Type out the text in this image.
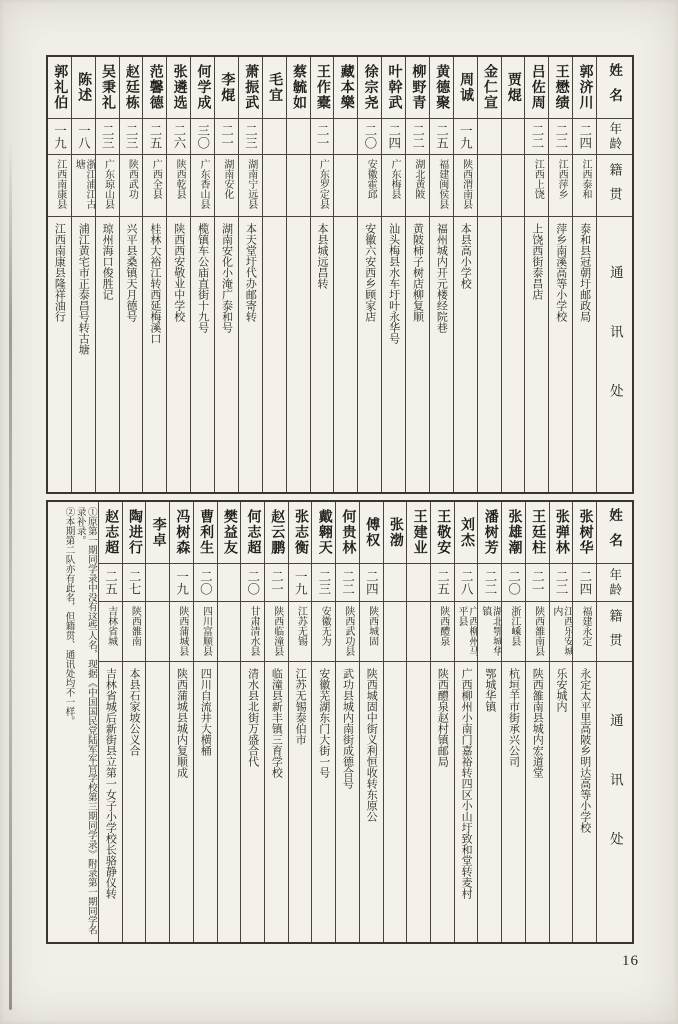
姓名
年龄
籍贯
通讯处
郭济川
二四
江西泰和
泰和县冠朝圩邮政局
王懋绩
二二
江西萍乡
萍乡南溪高等小学校
吕佐周
二二
江西上饶
上饶西街泰昌店
贾焜
金仁宣
周诚
一九
陕西渭南县
本县高小学校
黄德聚
二五
福建闽侯县
福州城内开元楼经院巷
柳野青
二二
湖北黄陂
黄陂柿子树店柳复顺
叶幹武
二四
广东梅县
汕头梅县水车圩叶永华号
徐宗尧
二〇
安徽霍邱
安徽六安西乡顾家店
藏本樂
王作橐
二一
广东罗定县
本县城远昌转
蔡毓如
毛宜
萧振武
二三
湖南宁远县
本天堂圩代办邮寄转
李焜
二一
湖南安化
湖南安化小淹广泰和号
何学成
三〇
广东香山县
榄镇车公庙直街十九号
张遴选
二六
陕西乾县
陕西西安敬业中学校
范馨德
二五
广西全县
桂林大裕江转西延梅溪口
赵廷栋
二三
陕西武功
兴平县桑镇天月德号
吴秉礼
二三
广东琼山县
琼州海口俊胜记
陈述
一八
浙江浦江古塘
浦江黄宅市正泰昌号转古塘
郭礼伯
一九
江西南康县
江西南康县隆祥油行
姓名
年龄
籍贯
通讯处
张树华
二四
福建永定
永定太平里高陂乡明达高等小学校
张弹林
二二
江西乐安城内
乐安城内
王廷柱
二一
陕西雒南县
陕西雒南县城内宏道堂
张雄潮
二〇
浙江嵊县
杭垣羊市街承兴公司
潘树芳
二二
湖北鄂城华镇
鄂城华镇
刘杰
二八
广西柳州马平县
广西柳州小南门嘉裕转四区小山圩致和堂转麦村
王敬安
二五
陕西醴泉
陕西醴泉赵村镇邮局
王建业
张渤
傅权
二四
陕西城固
陕西城固中街义利恒收转东原公
何贵林
二二
陕西武功县
武功县城内南街成德合号
戴翱天
二三
安徽无为
安徽芜湖东门大街一号
张志衡
一九
江苏无锡
江苏无锡泰伯市
赵云鹏
二一
陕西临潼县
临潼县新丰镇三育学校
何志超
二〇
甘肃清水县
清水县北街万盛合代
樊益友
曹利生
二〇
四川富顺县
四川自流井大横桶
冯树森
一九
陕西蒲城县
陕西蒲城县城内复顺成
李卓
陶进行
二七
陕西雒南
本县石家坡公义合
赵志超
二五
吉林省城
吉林省城后新街县立第一女子小学校长骆静仪转
①原第一期同学录中没有这些人名，现据《中国国民党陆军军官学校第三期同学录》附录第一期同学名录补录。
②本期第二队亦有此名，但籍贯、通讯处均不一样。
16
